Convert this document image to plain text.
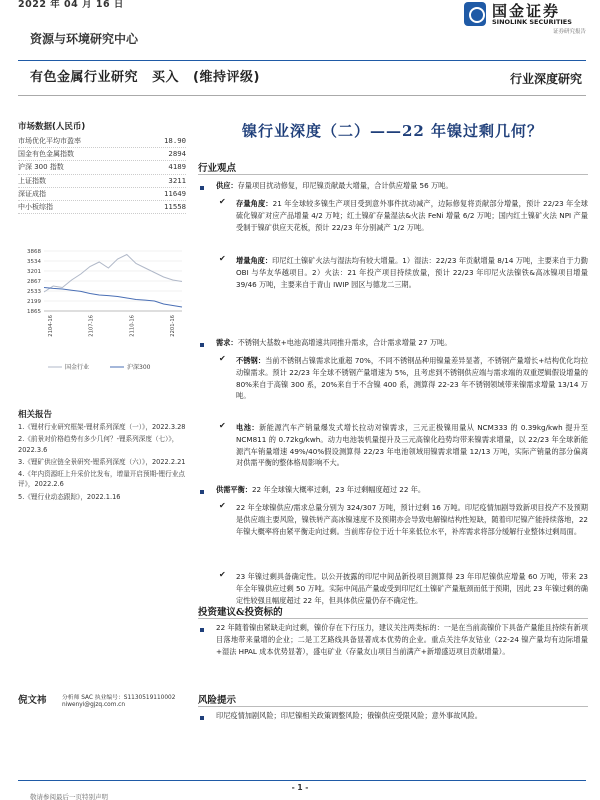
2022 年 04 月 16 日	国金证券
SINOLINK SECURITIES
证券研究报告
资源与环境研究中心
有色金属行业研究 买入 (维持评级)	行业深度研究
市场数据(人民币)
市场优化平均市盈率	18.90
国金有色金属指数	2894
沪深 300 指数	4189
上证指数	3211
深证成指	11649
中小板综指	11558
3868
3534
3201
2867
2533
2199
1865
2104-16	2107-16	2110-16	2201-16
国金行业	沪深300
相关报告
1.《锂材行业研究框架-锂材系列深度（一）》，2022.3.28
2.《前景对价格趋势有多少几何？-锂系列深度（七）》，2022.3.6
3.《锂矿供应链全景研究-锂系列深度（六）》，2022.2.21
4.《年内资源旺上升采价比发布，增量开启预期-锂行业点评》，2022.2.6
5.《锂行业动态跟踪》，2022.1.16
倪文祎	分析师 SAC 执业编号：S1130519110002
niwenyi@gjzq.com.cn
镍行业深度（二）——22 年镍过剩几何？
行业观点
供应：存量项目扰动修复，印尼镍贡献最大增量，合计供应增量 56 万吨。
✔ 存量角度：21 年全球较多镍生产项目受到意外事件扰动减产，边际修复将贡献部分增量，预计 22/23 年全球硫化镍矿对应产品增量 4/2 万吨；红土镍矿存量湿法&火法 FeNi 增量 6/2 万吨；国内红土镍矿火法 NPI 产量受制于镍矿供应天花板，预计 22/23 年分别减产 1/2 万吨。
✔ 增量角度：印尼红土镍矿火法与湿法均有较大增量。1）湿法：22/23 年贡献增量 8/14 万吨，主要来自于力勤 OBI 与华友华越项目。2）火法：21 年投产项目持续放量，预计 22/23 年印尼火法镍铁&高冰镍项目增量 39/46 万吨，主要来自于青山 IWIP 园区与德龙二三期。
需求：不锈钢大基数+电池高增速共同推升需求，合计需求增量 27 万吨。
✔ 不锈钢：当前不锈钢占镍需求比重超 70%，不同不锈钢品种用镍量差异显著，不锈钢产量增长+结构优化均拉动镍需求。预计 22/23 年全球不锈钢产量增速为 5%，且考虑到不锈钢供应端与需求端的双重逻辑假设增量的 80%来自于高镍 300 系，20%来自于不含镍 400 系，测算得 22-23 年不锈钢领域带来镍需求增量 13/14 万吨。
✔ 电池：新能源汽车产销量爆发式增长拉动对镍需求，三元正极镍用量从 NCM333 的 0.39kg/kwh 提升至 NCM811 的 0.72kg/kwh。动力电池装机量提升及三元高镍化趋势均带来镍需求增量，以 22/23 年全球新能源汽车销量增速 49%/40%假设测算得 22/23 年电池领域用镍需求增量 12/13 万吨，实际产销量的部分偏离对供需平衡的整体格局影响不大。
供需平衡：22 年全球镍大概率过剩，23 年过剩幅度超过 22 年。
✔ 22 年全球镍供应/需求总量分别为 324/307 万吨，预计过剩 16 万吨。印尼疫情加剧导致新项目投产不及预期是供应端主要风险，镍铁转产高冰镍速度不及预期亦会导致电解镍结构性短缺，随着印尼镍产能持续落地，22 年镍大概率将由紧平衡走向过剩。当前库存位于近十年来低位水平，补库需求将部分缓解行业整体过剩局面。
✔ 23 年镍过剩具备确定性。以公开披露的印尼中间品新投项目测算得 23 年印尼镍供应增量 60 万吨，带来 23 年全年镍供应过剩 50 万吨。实际中间品产量或受到印尼红土镍矿产量瓶颈而低于预期，因此 23 年镍过剩的确定性较强且幅度超过 22 年，但具体供应量仍存不确定性。
投资建议&投资标的
22 年随着镍由紧缺走向过剩，镍价存在下行压力，建议关注两类标的：一是在当前高镍价下具备产量能且持续有新项目落地带来量增的企业；二是工艺路线具备显著成本优势的企业。重点关注华友钴业（22-24 镍产量均有边际增量+湿法 HPAL 成本优势显著），盛屯矿业（存量友山项目当前满产+新增盛迈项目贡献增量）。
风险提示
印尼疫情加剧风险；印尼镍相关政策调整风险；俄镍供应受限风险；意外事故风险。
- 1 -
敬请参阅最后一页特别声明
